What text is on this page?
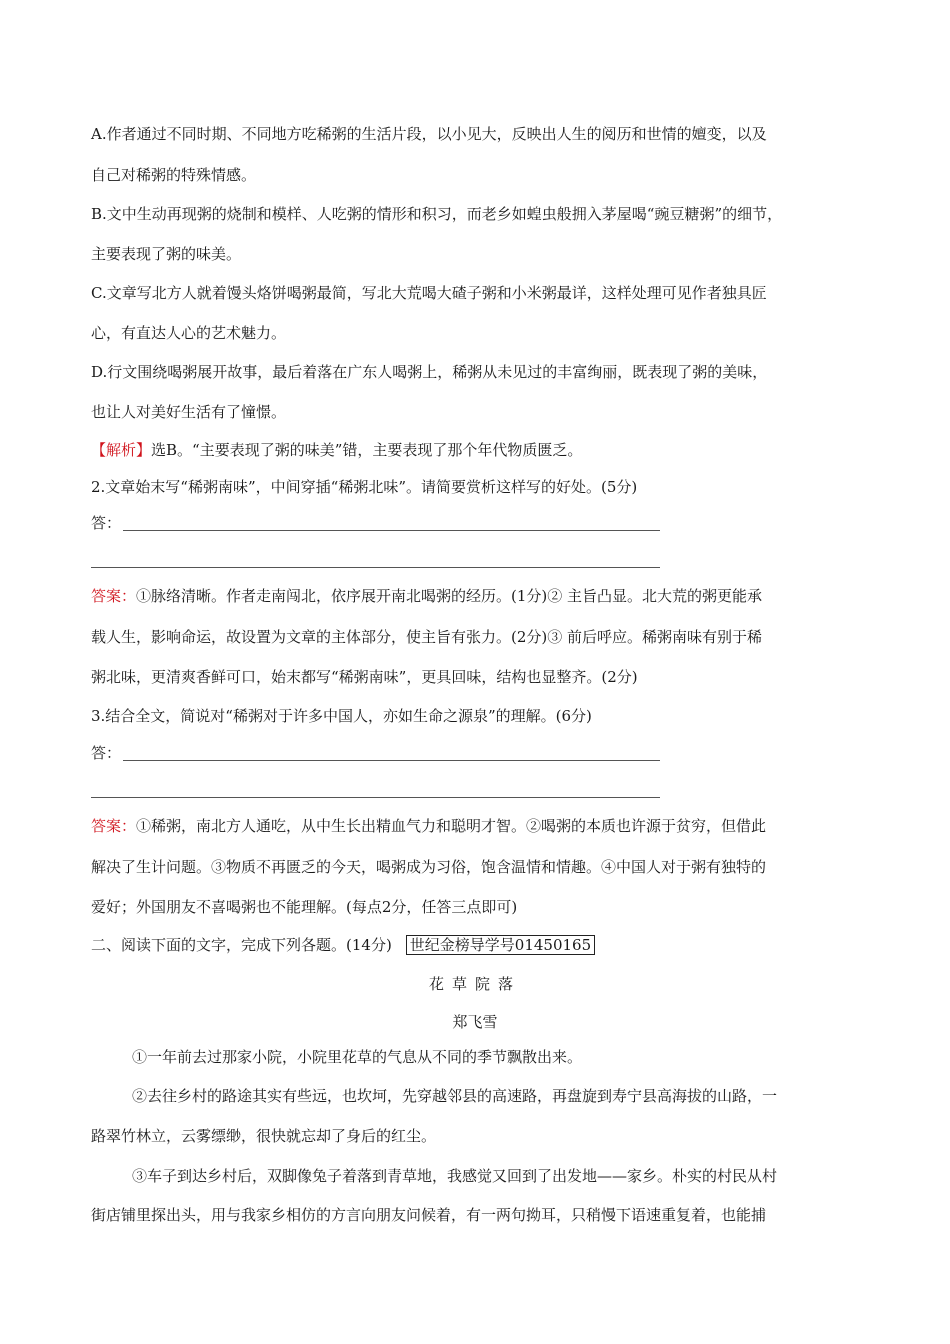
A.作者通过不同时期、不同地方吃稀粥的生活片段，以小见大，反映出人生的阅历和世情的嬗变，以及
自己对稀粥的特殊情感。
B.文中生动再现粥的烧制和模样、人吃粥的情形和积习，而老乡如蝗虫般拥入茅屋喝“豌豆糖粥”的细节，
主要表现了粥的味美。
C.文章写北方人就着馒头烙饼喝粥最简，写北大荒喝大碴子粥和小米粥最详，这样处理可见作者独具匠
心，有直达人心的艺术魅力。
D.行文围绕喝粥展开故事，最后着落在广东人喝粥上，稀粥从未见过的丰富绚丽，既表现了粥的美味，
也让人对美好生活有了憧憬。
【解析】选B。“主要表现了粥的味美”错，主要表现了那个年代物质匮乏。
2.文章始末写“稀粥南味”，中间穿插“稀粥北味”。请简要赏析这样写的好处。(5分)
答：
答案：①脉络清晰。作者走南闯北，依序展开南北喝粥的经历。(1分)② 主旨凸显。北大荒的粥更能承
载人生，影响命运，故设置为文章的主体部分，使主旨有张力。(2分)③ 前后呼应。稀粥南味有别于稀
粥北味，更清爽香鲜可口，始末都写“稀粥南味”，更具回味，结构也显整齐。(2分)
3.结合全文，简说对“稀粥对于许多中国人，亦如生命之源泉”的理解。(6分)
答：
答案：①稀粥，南北方人通吃，从中生长出精血气力和聪明才智。②喝粥的本质也许源于贫穷，但借此
解决了生计问题。③物质不再匮乏的今天，喝粥成为习俗，饱含温情和情趣。④中国人对于粥有独特的
爱好；外国朋友不喜喝粥也不能理解。(每点2分，任答三点即可)
二、阅读下面的文字，完成下列各题。(14分) 世纪金榜导学号01450165
花草院落
郑飞雪
①一年前去过那家小院，小院里花草的气息从不同的季节飘散出来。
②去往乡村的路途其实有些远，也坎坷，先穿越邻县的高速路，再盘旋到寿宁县高海拔的山路，一
路翠竹林立，云雾缥缈，很快就忘却了身后的红尘。
③车子到达乡村后，双脚像兔子着落到青草地，我感觉又回到了出发地——家乡。朴实的村民从村
街店铺里探出头，用与我家乡相仿的方言向朋友问候着，有一两句拗耳，只稍慢下语速重复着，也能捕
